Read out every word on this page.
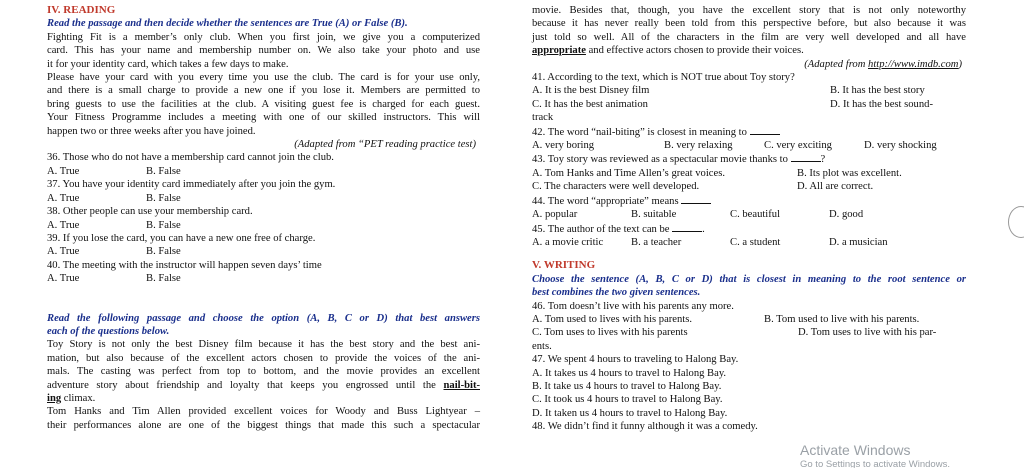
IV. READING
Read the passage and then decide whether the sentences are True (A) or False (B).
Fighting Fit is a member’s only club. When you first join, we give you a computerized
card. This has your name and membership number on. We also take your photo and use
it for your identity card, which takes a few days to make.
Please have your card with you every time you use the club. The card is for your use only,
and there is a small charge to provide a new one if you lose it. Members are permitted to
bring guests to use the facilities at the club. A visiting guest fee is charged for each guest.
Your Fitness Programme includes a meeting with one of our skilled instructors. This will
happen two or three weeks after you have joined.
(Adapted from “PET reading practice test)
36. Those who do not have a membership card cannot join the club.
A. True	B. False
37. You have your identity card immediately after you join the gym.
A. True	B. False
38. Other people can use your membership card.
A. True	B. False
39. If you lose the card, you can have a new one free of charge.
A. True	B. False
40. The meeting with the instructor will happen seven days’ time
A. True	B. False
Read the following passage and choose the option (A, B, C or D) that best answers
each of the questions below.
Toy Story is not only the best Disney film because it has the best story and the best ani-
mation, but also because of the excellent actors chosen to provide the voices of the ani-
mals. The casting was perfect from top to bottom, and the movie provides an excellent
adventure story about friendship and loyalty that keeps you engrossed until the nail-bit-
ing climax.
Tom Hanks and Tim Allen provided excellent voices for Woody and Buss Lightyear –
their performances alone are one of the biggest things that made this such a spectacular
movie. Besides that, though, you have the excellent story that is not only noteworthy
because it has never really been told from this perspective before, but also because it was
just told so well. All of the characters in the film are very well developed and all have
appropriate and effective actors chosen to provide their voices.
(Adapted from http://www.imdb.com)
41. According to the text, which is NOT true about Toy story?
A. It is the best Disney film	B. It has the best story
C. It has the best animation	D. It has the best sound-
track
42. The word “nail-biting” is closest in meaning to
A. very boring	B. very relaxing	C. very exciting	D. very shocking
43. Toy story was reviewed as a spectacular movie thanks to	?
A. Tom Hanks and Time Allen’s great voices.	B. Its plot was excellent.
C. The characters were well developed.	D. All are correct.
44. The word “appropriate” means
A. popular	B. suitable	C. beautiful	D. good
45. The author of the text can be	.
A. a movie critic	B. a teacher	C. a student	D. a musician
V. WRITING
Choose the sentence (A, B, C or D) that is closest in meaning to the root sentence or
best combines the two given sentences.
46. Tom doesn’t live with his parents any more.
A. Tom used to lives with his parents.	B. Tom used to live with his parents.
C. Tom uses to lives with his parents	D. Tom uses to live with his par-
ents.
47. We spent 4 hours to traveling to Halong Bay.
A. It takes us 4 hours to travel to Halong Bay.
B. It take us 4 hours to travel to Halong Bay.
C. It took us 4 hours to travel to Halong Bay.
D. It taken us 4 hours to travel to Halong Bay.
48. We didn’t find it funny although it was a comedy.
Activate Windows
Go to Settings to activate Windows.
